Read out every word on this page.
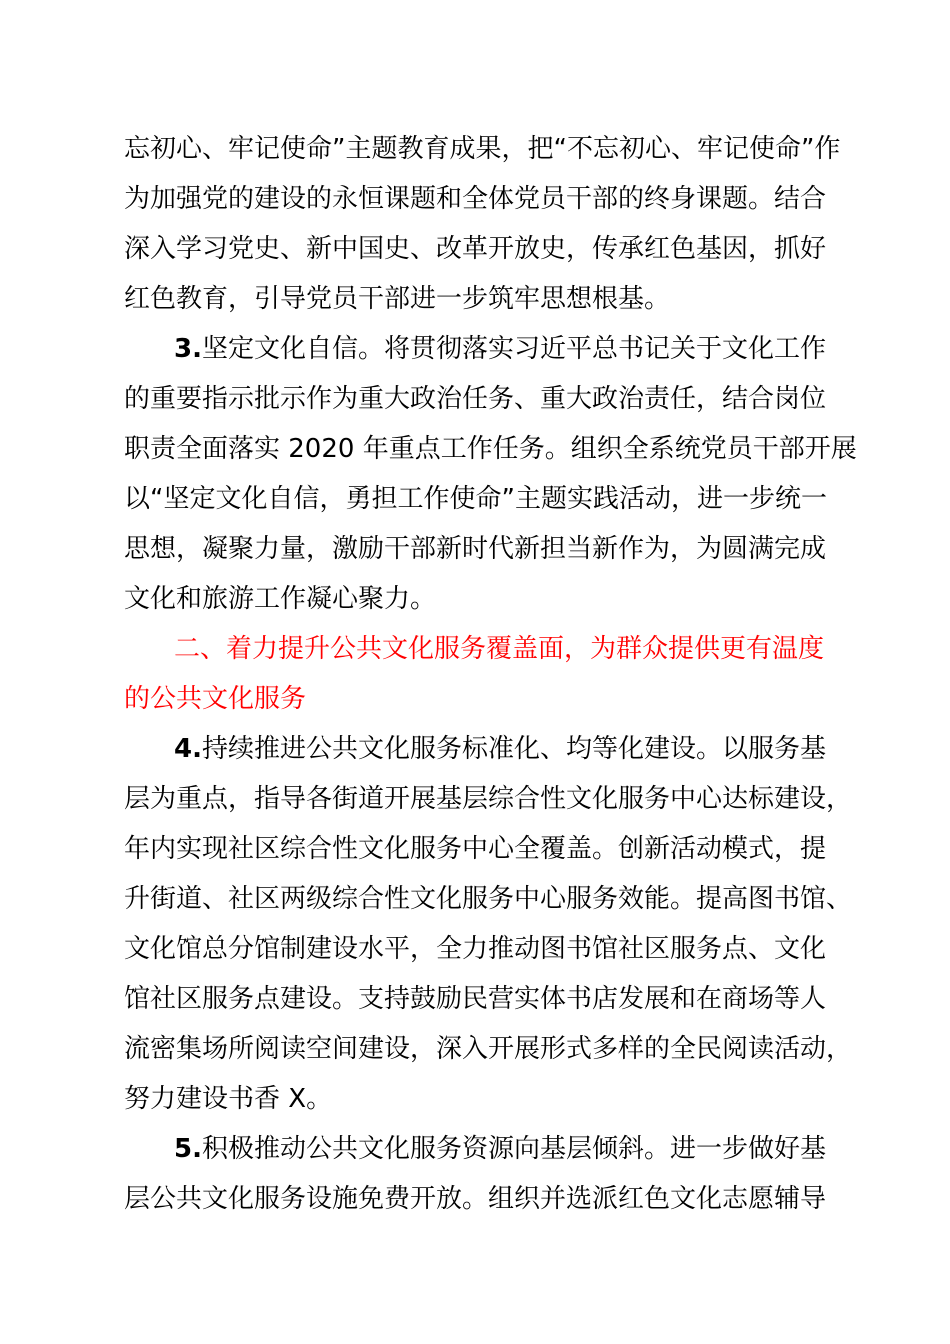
忘初心、牢记使命”主题教育成果，把“不忘初心、牢记使命”作
为加强党的建设的永恒课题和全体党员干部的终身课题。结合
深入学习党史、新中国史、改革开放史，传承红色基因，抓好
红色教育，引导党员干部进一步筑牢思想根基。
3.坚定文化自信。将贯彻落实习近平总书记关于文化工作
的重要指示批示作为重大政治任务、重大政治责任，结合岗位
职责全面落实 2020 年重点工作任务。组织全系统党员干部开展
以“坚定文化自信，勇担工作使命”主题实践活动，进一步统一
思想，凝聚力量，激励干部新时代新担当新作为，为圆满完成
文化和旅游工作凝心聚力。
二、着力提升公共文化服务覆盖面，为群众提供更有温度
的公共文化服务
4.持续推进公共文化服务标准化、均等化建设。以服务基
层为重点，指导各街道开展基层综合性文化服务中心达标建设，
年内实现社区综合性文化服务中心全覆盖。创新活动模式，提
升街道、社区两级综合性文化服务中心服务效能。提高图书馆、
文化馆总分馆制建设水平，全力推动图书馆社区服务点、文化
馆社区服务点建设。支持鼓励民营实体书店发展和在商场等人
流密集场所阅读空间建设，深入开展形式多样的全民阅读活动，
努力建设书香 X。
5.积极推动公共文化服务资源向基层倾斜。进一步做好基
层公共文化服务设施免费开放。组织并选派红色文化志愿辅导
